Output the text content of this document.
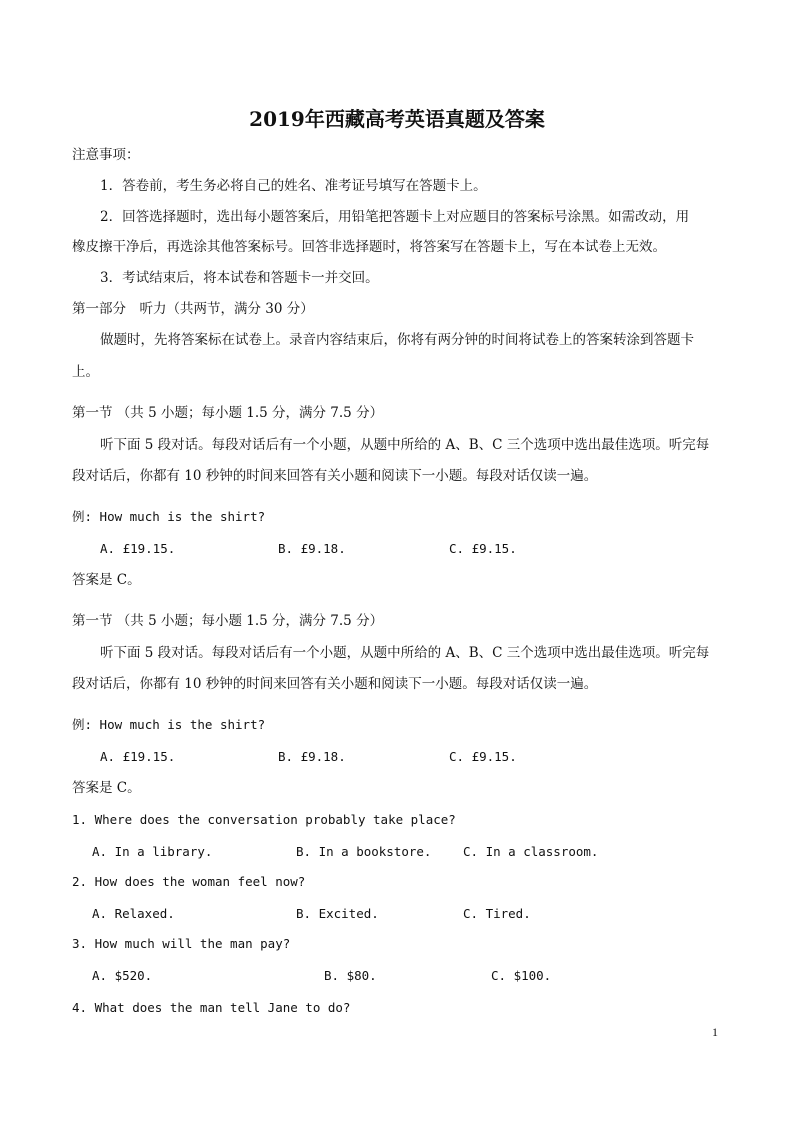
2019年西藏高考英语真题及答案
注意事项：
1．答卷前，考生务必将自己的姓名、准考证号填写在答题卡上。
2．回答选择题时，选出每小题答案后，用铅笔把答题卡上对应题目的答案标号涂黑。如需改动，用
橡皮擦干净后，再选涂其他答案标号。回答非选择题时，将答案写在答题卡上，写在本试卷上无效。
3．考试结束后，将本试卷和答题卡一并交回。
第一部分　听力（共两节，满分 30 分）
做题时，先将答案标在试卷上。录音内容结束后，你将有两分钟的时间将试卷上的答案转涂到答题卡
上。
第一节 （共 5 小题；每小题 1.5 分，满分 7.5 分）
听下面 5 段对话。每段对话后有一个小题，从题中所给的 A、B、C 三个选项中选出最佳选项。听完每
段对话后，你都有 10 秒钟的时间来回答有关小题和阅读下一小题。每段对话仅读一遍。
例: How much is the shirt?
A. £19.15.	B. £9.18.	C. £9.15.
答案是 C。
第一节 （共 5 小题；每小题 1.5 分，满分 7.5 分）
听下面 5 段对话。每段对话后有一个小题，从题中所给的 A、B、C 三个选项中选出最佳选项。听完每
段对话后，你都有 10 秒钟的时间来回答有关小题和阅读下一小题。每段对话仅读一遍。
例: How much is the shirt?
A. £19.15.	B. £9.18.	C. £9.15.
答案是 C。
1. Where does the conversation probably take place?
A. In a library.	B. In a bookstore.	C. In a classroom.
2. How does the woman feel now?
A. Relaxed.	B. Excited.	C. Tired.
3. How much will the man pay?
A. $520.	B. $80.	C. $100.
4. What does the man tell Jane to do?
1
